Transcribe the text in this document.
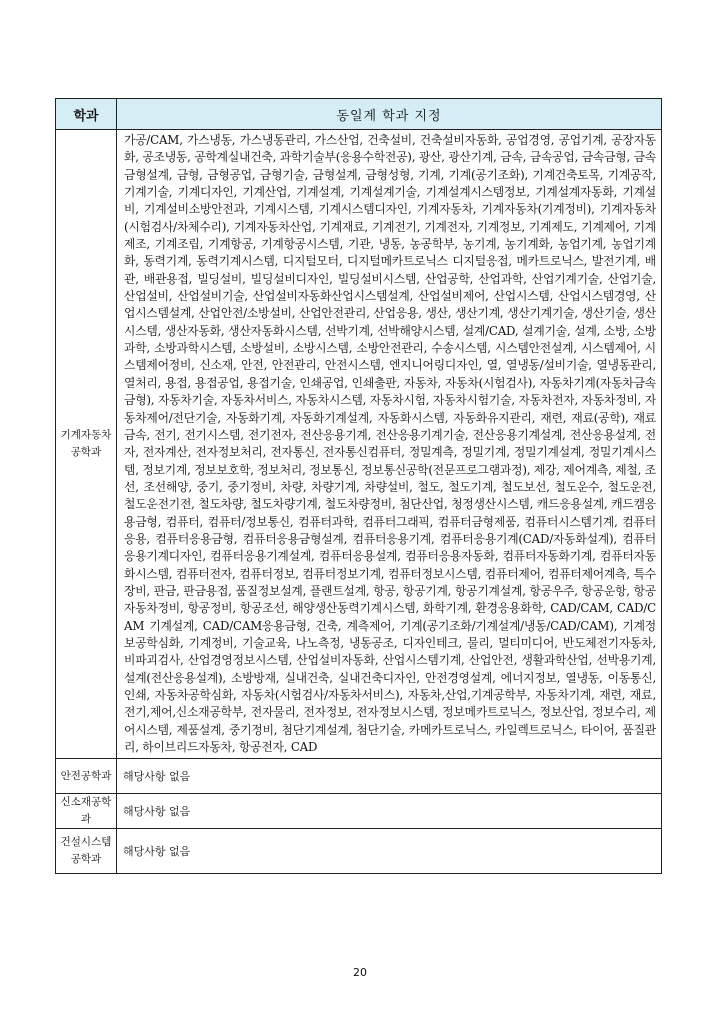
학과	동일계 학과 지정
기계자동차
공학과	가공/CAM, 가스냉동, 가스냉동관리, 가스산업, 건축설비, 건축설비자동화, 공업경영, 공업기계, 공장자동화, 공조냉동, 공학계실내건축, 과학기술부(응용수학전공), 광산, 광산기계, 금속, 금속공업, 금속금형, 금속금형설계, 금형, 금형공업, 금형기술, 금형설계, 금형성형, 기계, 기계(공기조화), 기계건축토목, 기계공작, 기계기술, 기계디자인, 기계산업, 기계설계, 기계설계기술, 기계설계시스템정보, 기계설계자동화, 기계설비, 기계설비소방안전과, 기계시스템, 기계시스템디자인, 기계자동차, 기계자동차(기계정비), 기계자동차(시험검사/차체수리), 기계자동차산업, 기계재료, 기계전기, 기계전자, 기계정보, 기계제도, 기계제어, 기계제조, 기계조립, 기계항공, 기계항공시스템, 기관, 냉동, 농공학부, 농기계, 농기계화, 농업기계, 농업기계화, 동력기계, 동력기계시스템, 디지털모터, 디지털메카트로닉스 디지털응접, 메카트로닉스, 발전기계, 배관, 배관용접, 빌딩설비, 빌딩설비디자인, 빌딩설비시스템, 산업공학, 산업과학, 산업기계기술, 산업기술, 산업설비, 산업설비기술, 산업설비자동화산업시스템설계, 산업설비제어, 산업시스템, 산업시스템경영, 산업시스템설계, 산업안전/소방설비, 산업안전관리, 산업응용, 생산, 생산기계, 생산기계기술, 생산기술, 생산시스템, 생산자동화, 생산자동화시스템, 선박기계, 선박해양시스템, 설계/CAD, 설계기술, 설계, 소방, 소방과학, 소방과학시스템, 소방설비, 소방시스템, 소방안전관리, 수송시스템, 시스템안전설계, 시스템제어, 시스템제어정비, 신소재, 안전, 안전관리, 안전시스템, 엔지니어링디자인, 열, 열냉동/설비기술, 열냉동관리, 열처리, 용접, 용접공업, 용접기술, 인쇄공업, 인쇄출판, 자동차, 자동차(시험검사), 자동차기계(자동차금속금형), 자동차기술, 자동차서비스, 자동차시스템, 자동차시험, 자동차시험기술, 자동차전자, 자동차정비, 자동차제어/전단기술, 자동화기계, 자동화기계설계, 자동화시스템, 자동화유지관리, 재련, 재료(공학), 재료금속, 전기, 전기시스템, 전기전자, 전산응용기계, 전산응용기계기술, 전산응용기계설계, 전산응용설계, 전자, 전자계산, 전자정보처리, 전자통신, 전자통신컴퓨터, 정밀계측, 정밀기계, 정밀기계설계, 정밀기계시스템, 정보기계, 정보보호학, 정보처리, 정보통신, 정보통신공학(전문프로그램과정), 제강, 제어계측, 제철, 조선, 조선해양, 중기, 중기정비, 차량, 차량기계, 차량설비, 철도, 철도기계, 철도보선, 철도운수, 철도운전, 철도운전기전, 철도차량, 철도차량기계, 철도차량정비, 첨단산업, 청정생산시스템, 캐드응용설계, 캐드캠응용금형, 컴퓨터, 컴퓨터/정보통신, 컴퓨터과학, 컴퓨터그래픽, 컴퓨터금형제품, 컴퓨터시스템기계, 컴퓨터응용, 컴퓨터응용금형, 컴퓨터응용금형설계, 컴퓨터응용기계, 컴퓨터응용기계(CAD/자동화설계), 컴퓨터응용기계디자인, 컴퓨터응용기계설계, 컴퓨터응용설계, 컴퓨터응용자동화, 컴퓨터자동화기계, 컴퓨터자동화시스템, 컴퓨터전자, 컴퓨터정보, 컴퓨터정보기계, 컴퓨터정보시스템, 컴퓨터제어, 컴퓨터제어계측, 특수장비, 판금, 판금용접, 품질정보설계, 플랜트설계, 항공, 항공기계, 항공기계설계, 항공우주, 항공운항, 항공자동차정비, 항공정비, 항공조선, 해양생산동력기계시스템, 화학기계, 환경응용화학, CAD/CAM, CAD/CAM 기계설계, CAD/CAM응용금형, 건축, 계측제어, 기계(공기조화/기계설계/냉동/CAD/CAM), 기계정보공학심화, 기계정비, 기술교육, 나노측정, 냉동공조, 디자인테크, 물리, 멀티미디어, 반도체전기자동차, 비파괴검사, 산업경영정보시스템, 산업설비자동화, 산업시스템기계, 산업안전, 생활과학산업, 선박용기계, 설계(전산응용설계), 소방방재, 실내건축, 실내건축디자인, 안전경영설계, 에너지정보, 열냉동, 이동통신, 인쇄, 자동차공학심화, 자동차(시험검사/자동차서비스), 자동차,산업,기계공학부, 자동차기계, 재련, 재료, 전기,제어,신소재공학부, 전자물리, 전자정보, 전자정보시스템, 정보메카트로닉스, 정보산업, 정보수리, 제어시스템, 제품설계, 중기정비, 첨단기계설계, 첨단기술, 카메카트로닉스, 카일렉트로닉스, 타이어, 품질관리, 하이브리드자동차, 항공전자, CAD
안전공학과	해당사항 없음
신소재공학과	해당사항 없음
건설시스템
공학과	해당사항 없음
20
